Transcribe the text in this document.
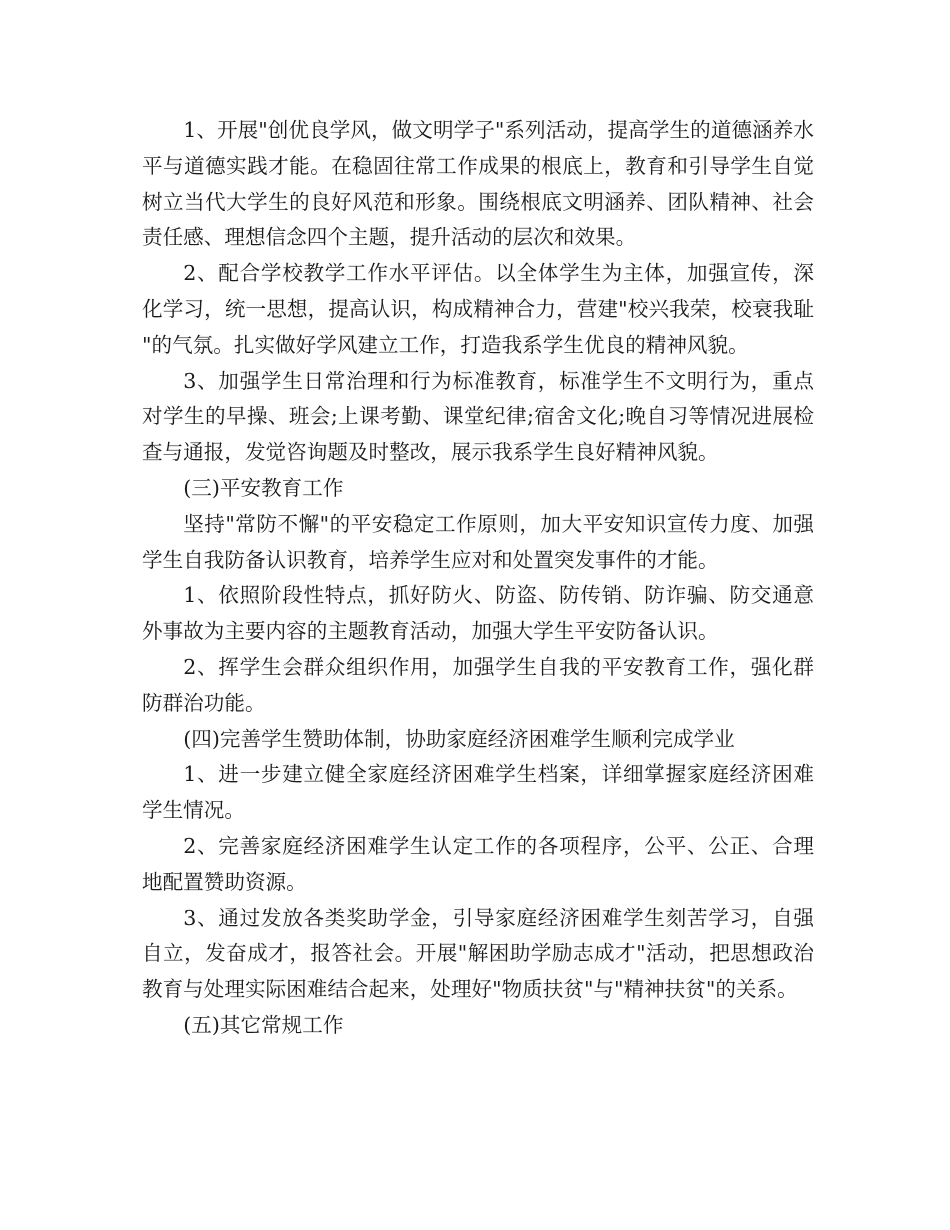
1、开展"创优良学风，做文明学子"系列活动，提高学生的道德涵养水平与道德实践才能。在稳固往常工作成果的根底上，教育和引导学生自觉树立当代大学生的良好风范和形象。围绕根底文明涵养、团队精神、社会责任感、理想信念四个主题，提升活动的层次和效果。

2、配合学校教学工作水平评估。以全体学生为主体，加强宣传，深化学习，统一思想，提高认识，构成精神合力，营建"校兴我荣，校衰我耻"的气氛。扎实做好学风建立工作，打造我系学生优良的精神风貌。

3、加强学生日常治理和行为标准教育，标准学生不文明行为，重点对学生的早操、班会;上课考勤、课堂纪律;宿舍文化;晚自习等情况进展检查与通报，发觉咨询题及时整改，展示我系学生良好精神风貌。

(三)平安教育工作

坚持"常防不懈"的平安稳定工作原则，加大平安知识宣传力度、加强学生自我防备认识教育，培养学生应对和处置突发事件的才能。

1、依照阶段性特点，抓好防火、防盗、防传销、防诈骗、防交通意外事故为主要内容的主题教育活动，加强大学生平安防备认识。

2、挥学生会群众组织作用，加强学生自我的平安教育工作，强化群防群治功能。

(四)完善学生赞助体制，协助家庭经济困难学生顺利完成学业

1、进一步建立健全家庭经济困难学生档案，详细掌握家庭经济困难学生情况。

2、完善家庭经济困难学生认定工作的各项程序，公平、公正、合理地配置赞助资源。

3、通过发放各类奖助学金，引导家庭经济困难学生刻苦学习，自强自立，发奋成才，报答社会。开展"解困助学励志成才"活动，把思想政治教育与处理实际困难结合起来，处理好"物质扶贫"与"精神扶贫"的关系。

(五)其它常规工作
